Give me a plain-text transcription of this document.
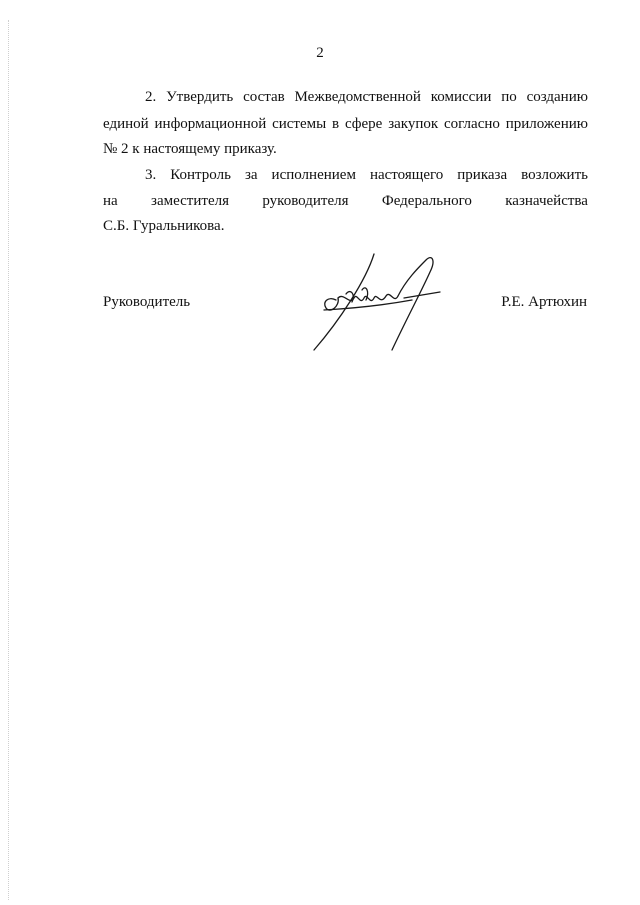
2
2. Утвердить состав Межведомственной комиссии по созданию
единой информационной системы в сфере закупок согласно приложению
№ 2 к настоящему приказу.
3. Контроль за исполнением настоящего приказа возложить
на заместителя руководителя Федерального казначейства
С.Б. Гуральникова.
Руководитель	Р.Е. Артюхин
